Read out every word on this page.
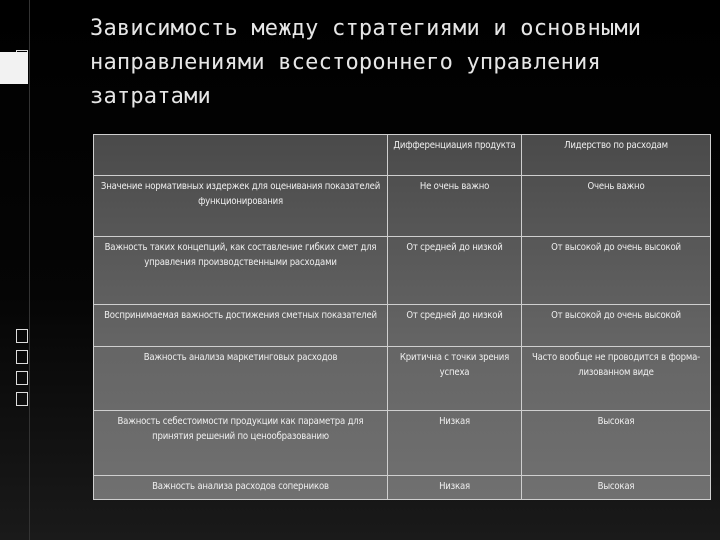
Зависимость между стратегиями и основными направлениями всестороннего управления затратами
	Дифференциация продукта	Лидерство по расходам
Значение нормативных издержек для оценивания показателей функционирования	Не очень важно	Очень важно
Важность таких концепций, как составление гибких смет для управления производственными расходами	От средней до низкой	От высокой до очень высокой
Воспринимаемая важность достижения сметных показателей	От средней до низкой	От высокой до очень высокой
Важность анализа маркетинговых расходов	Критична с точки зрения успеха	Часто вообще не проводится в форма-лизованном виде
Важность себестоимости продукции как параметра для принятия решений по ценообразованию	Низкая	Высокая
Важность анализа расходов соперников	Низкая	Высокая
